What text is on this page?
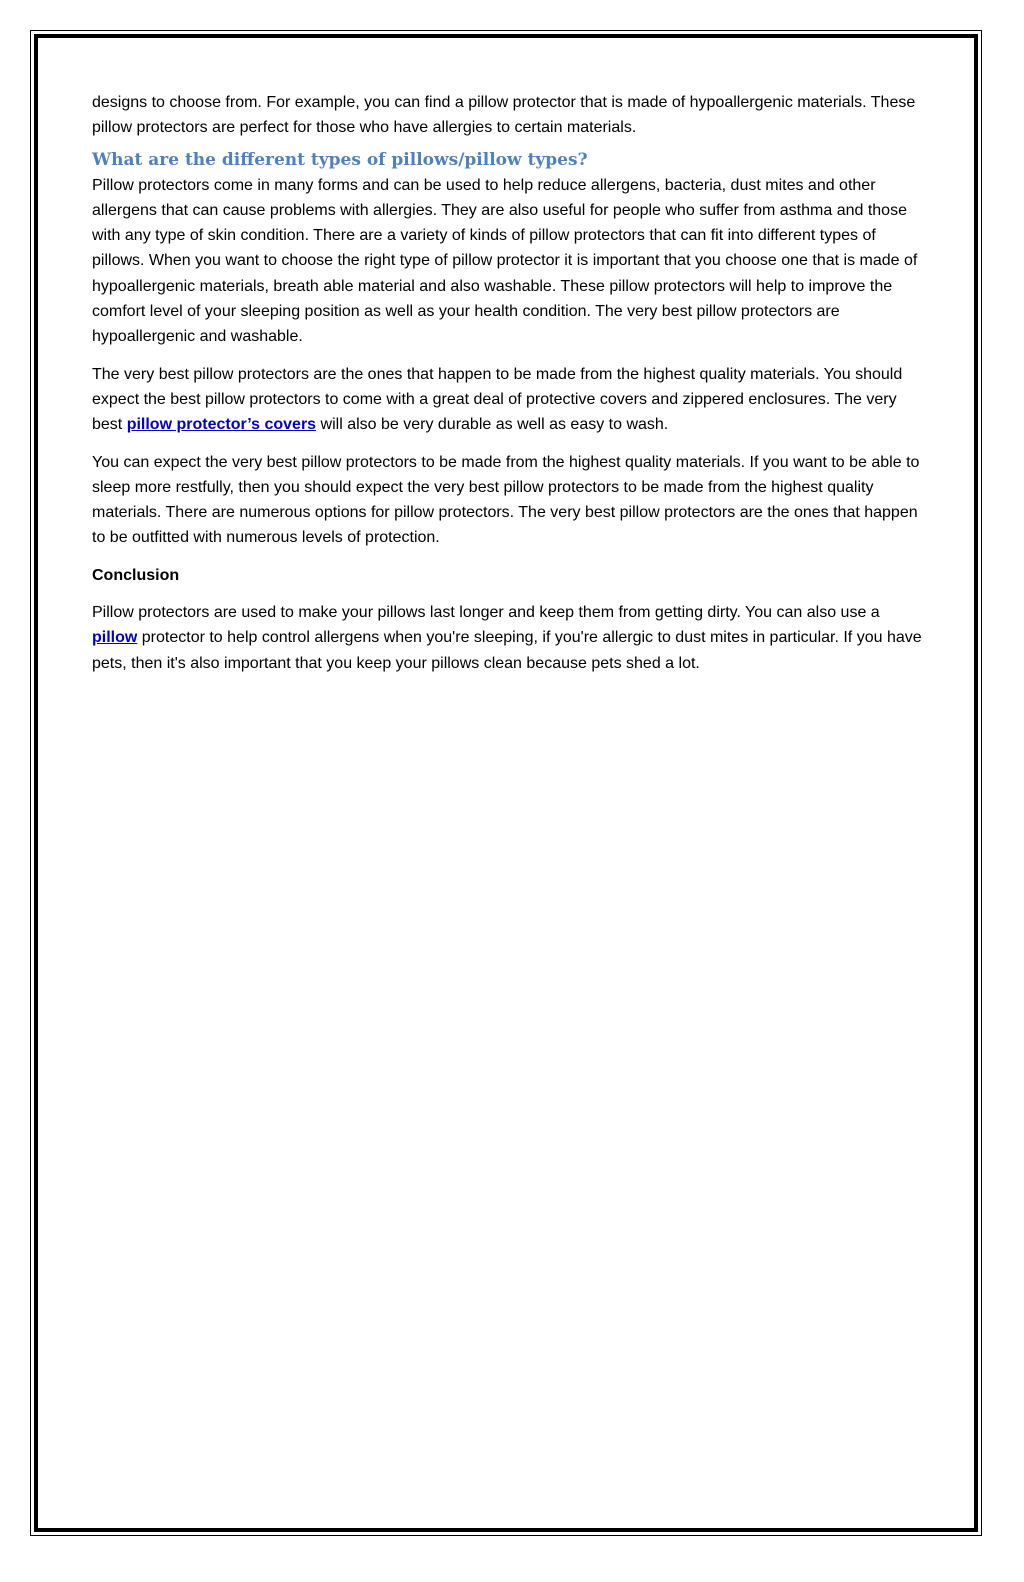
designs to choose from. For example, you can find a pillow protector that is made of hypoallergenic materials. These pillow protectors are perfect for those who have allergies to certain materials.

What are the different types of pillows/pillow types?

Pillow protectors come in many forms and can be used to help reduce allergens, bacteria, dust mites and other allergens that can cause problems with allergies. They are also useful for people who suffer from asthma and those with any type of skin condition. There are a variety of kinds of pillow protectors that can fit into different types of pillows. When you want to choose the right type of pillow protector it is important that you choose one that is made of hypoallergenic materials, breath able material and also washable. These pillow protectors will help to improve the comfort level of your sleeping position as well as your health condition. The very best pillow protectors are hypoallergenic and washable.

The very best pillow protectors are the ones that happen to be made from the highest quality materials. You should expect the best pillow protectors to come with a great deal of protective covers and zippered enclosures. The very best pillow protector’s covers will also be very durable as well as easy to wash.

You can expect the very best pillow protectors to be made from the highest quality materials. If you want to be able to sleep more restfully, then you should expect the very best pillow protectors to be made from the highest quality materials. There are numerous options for pillow protectors. The very best pillow protectors are the ones that happen to be outfitted with numerous levels of protection.

Conclusion

Pillow protectors are used to make your pillows last longer and keep them from getting dirty. You can also use a pillow protector to help control allergens when you're sleeping, if you're allergic to dust mites in particular. If you have pets, then it's also important that you keep your pillows clean because pets shed a lot.
